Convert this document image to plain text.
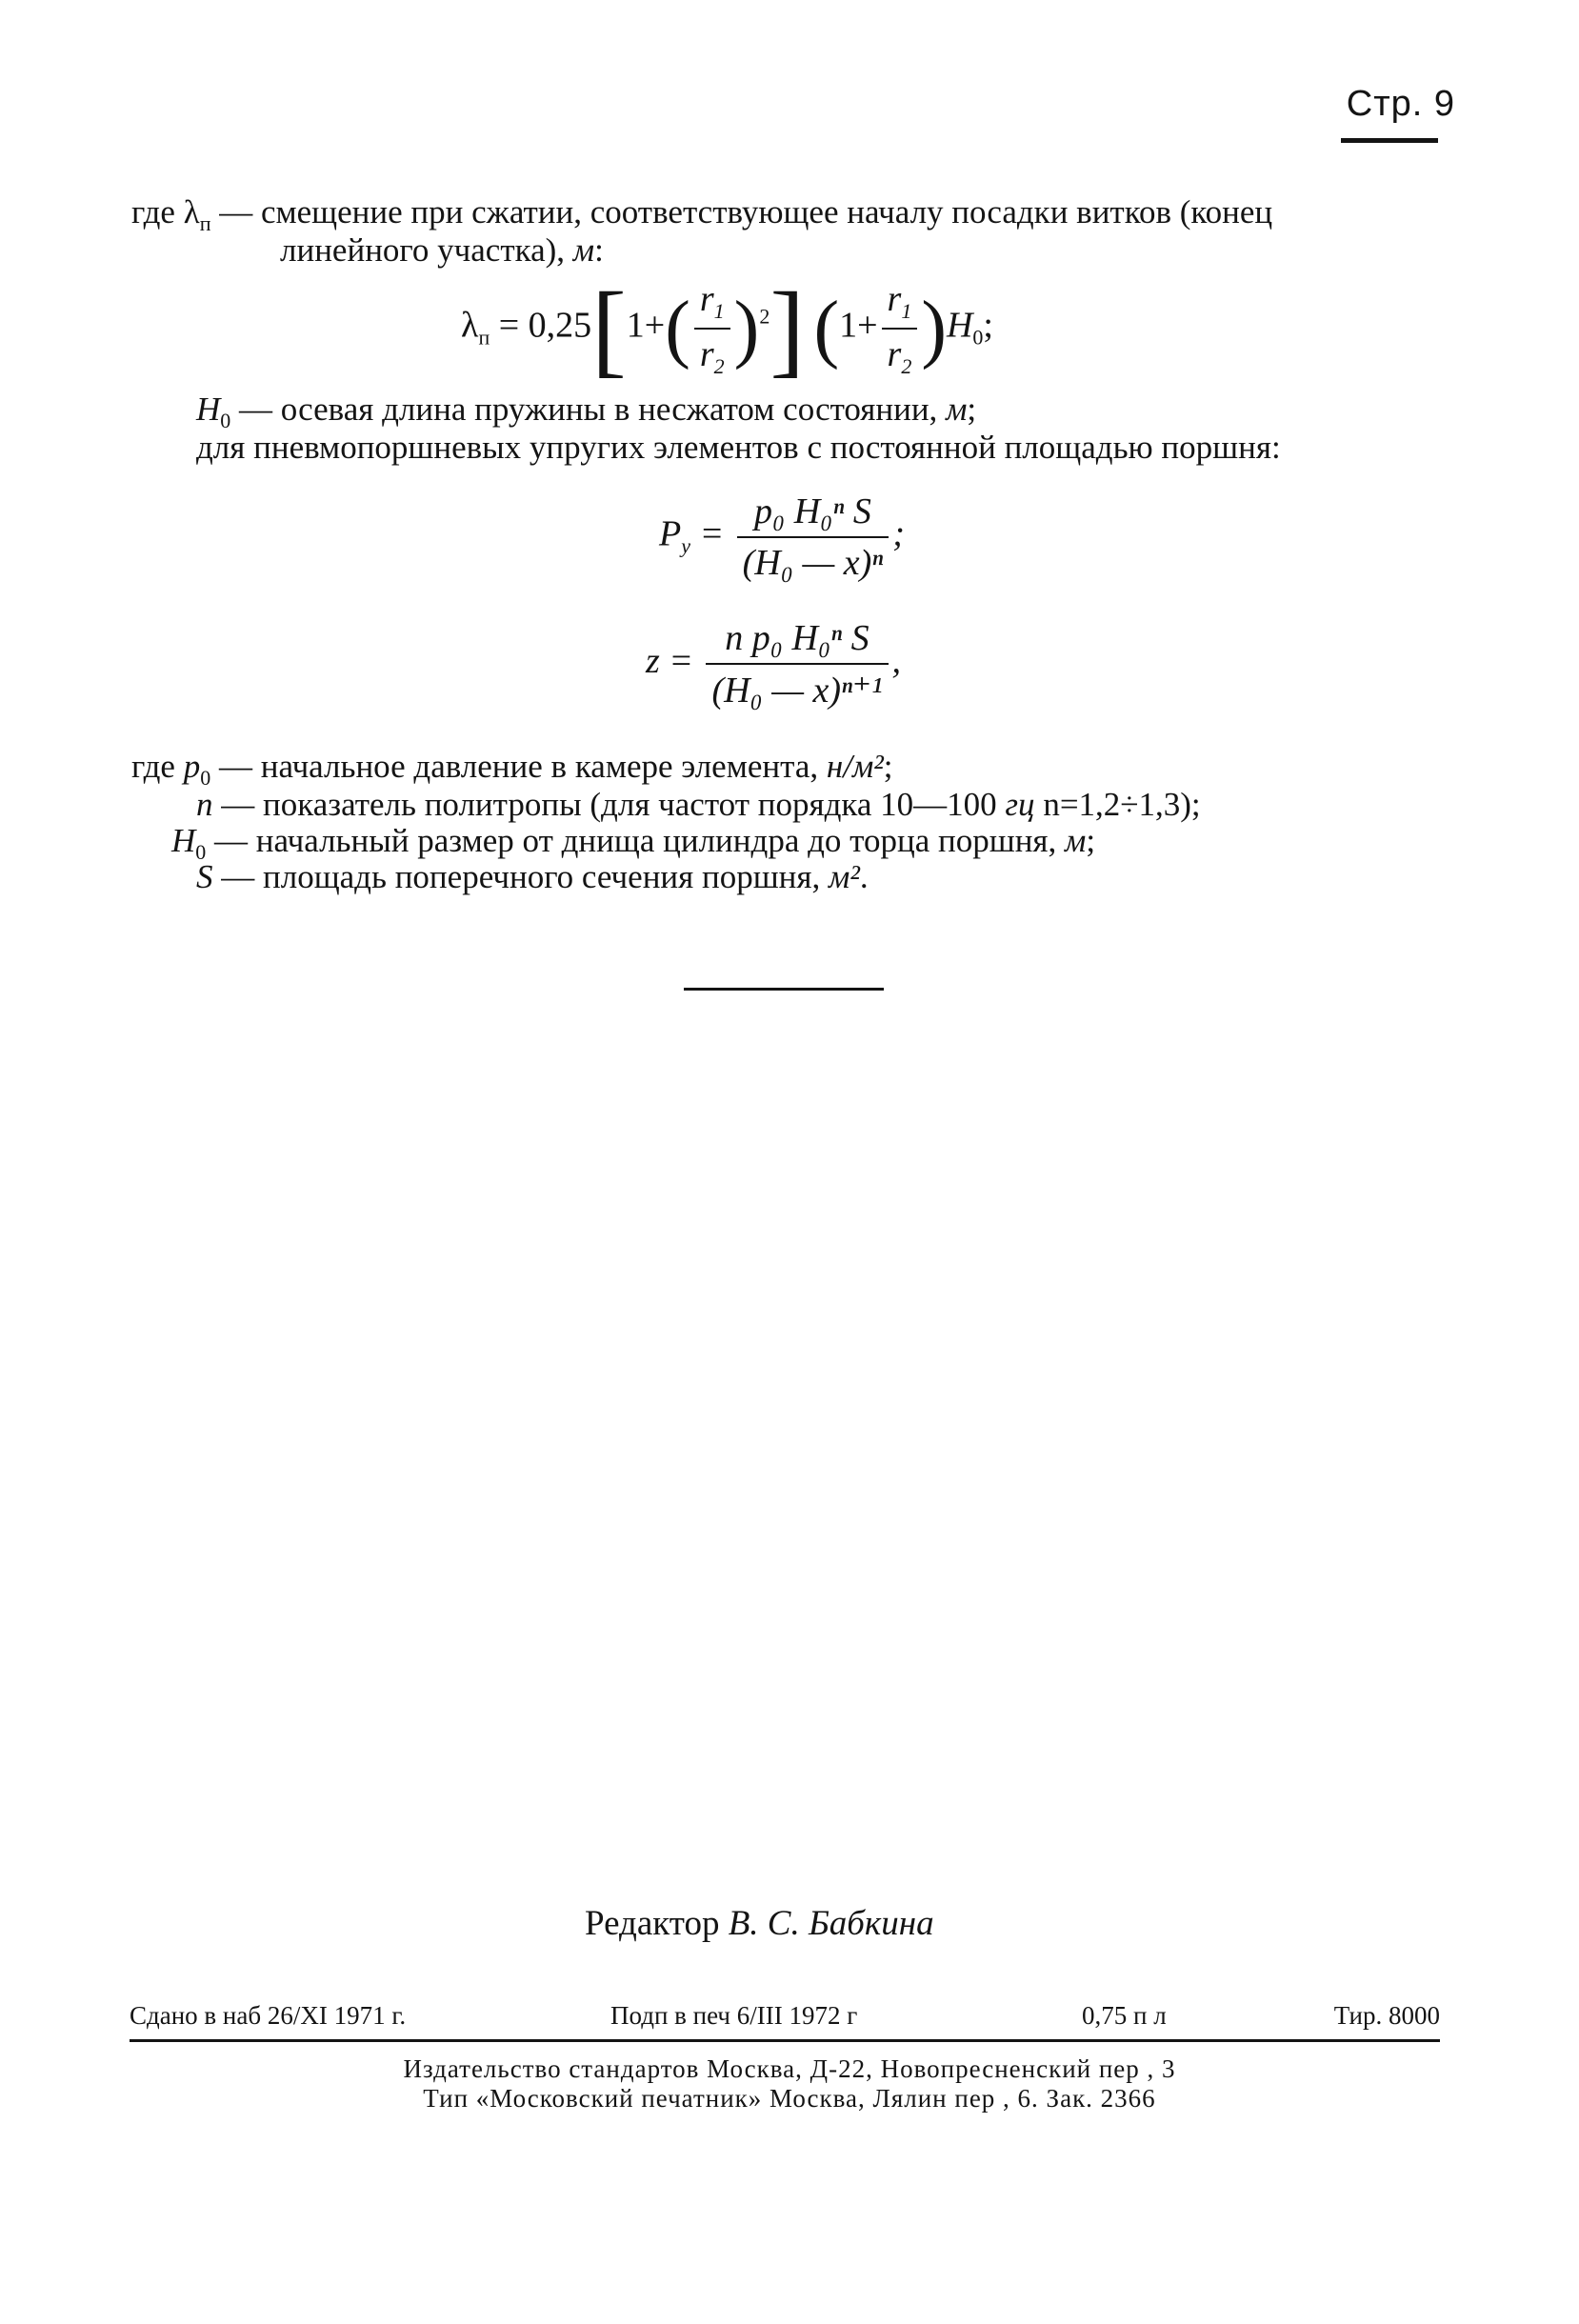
Стр. 9
где $\lambda_п$ — смещение при сжатии, соответствующее началу посадки витков (конец
линейного участка), м:
$\lambda_п = 0,25[1+( \frac{r_1}{r_2} )^2]$ $(1+ \frac{r_1}{r_2} )H_0$;
$H_0$ — осевая длина пружины в несжатом состоянии, м;
для пневмопоршневых упругих элементов с постоянной площадью поршня:
$P_у = \frac{\text{p₀ H₀ⁿ S}}{\text{(H₀ — x)ⁿ}}$ ;
$z = \frac{\text{n p₀ H₀ⁿ S}}{\text{(H₀ — x)ⁿ⁺¹}}$ ,
где $p_0$ — начальное давление в камере элемента, н/м²;
n — показатель политропы (для частот порядка 10—100 гц n=1,2÷1,3);
$H_0$ — начальный размер от днища цилиндра до торца поршня, м;
S — площадь поперечного сечения поршня, м².
Редактор В. С. Бабкина
Сдано в наб 26/XI 1971 г.	Подп в печ 6/III 1972 г	0,75 п л	Тир. 8000
Издательство стандартов Москва, Д-22, Новопресненский пер , 3
Тип «Московский печатник» Москва, Лялин пер , 6. Зак. 2366
